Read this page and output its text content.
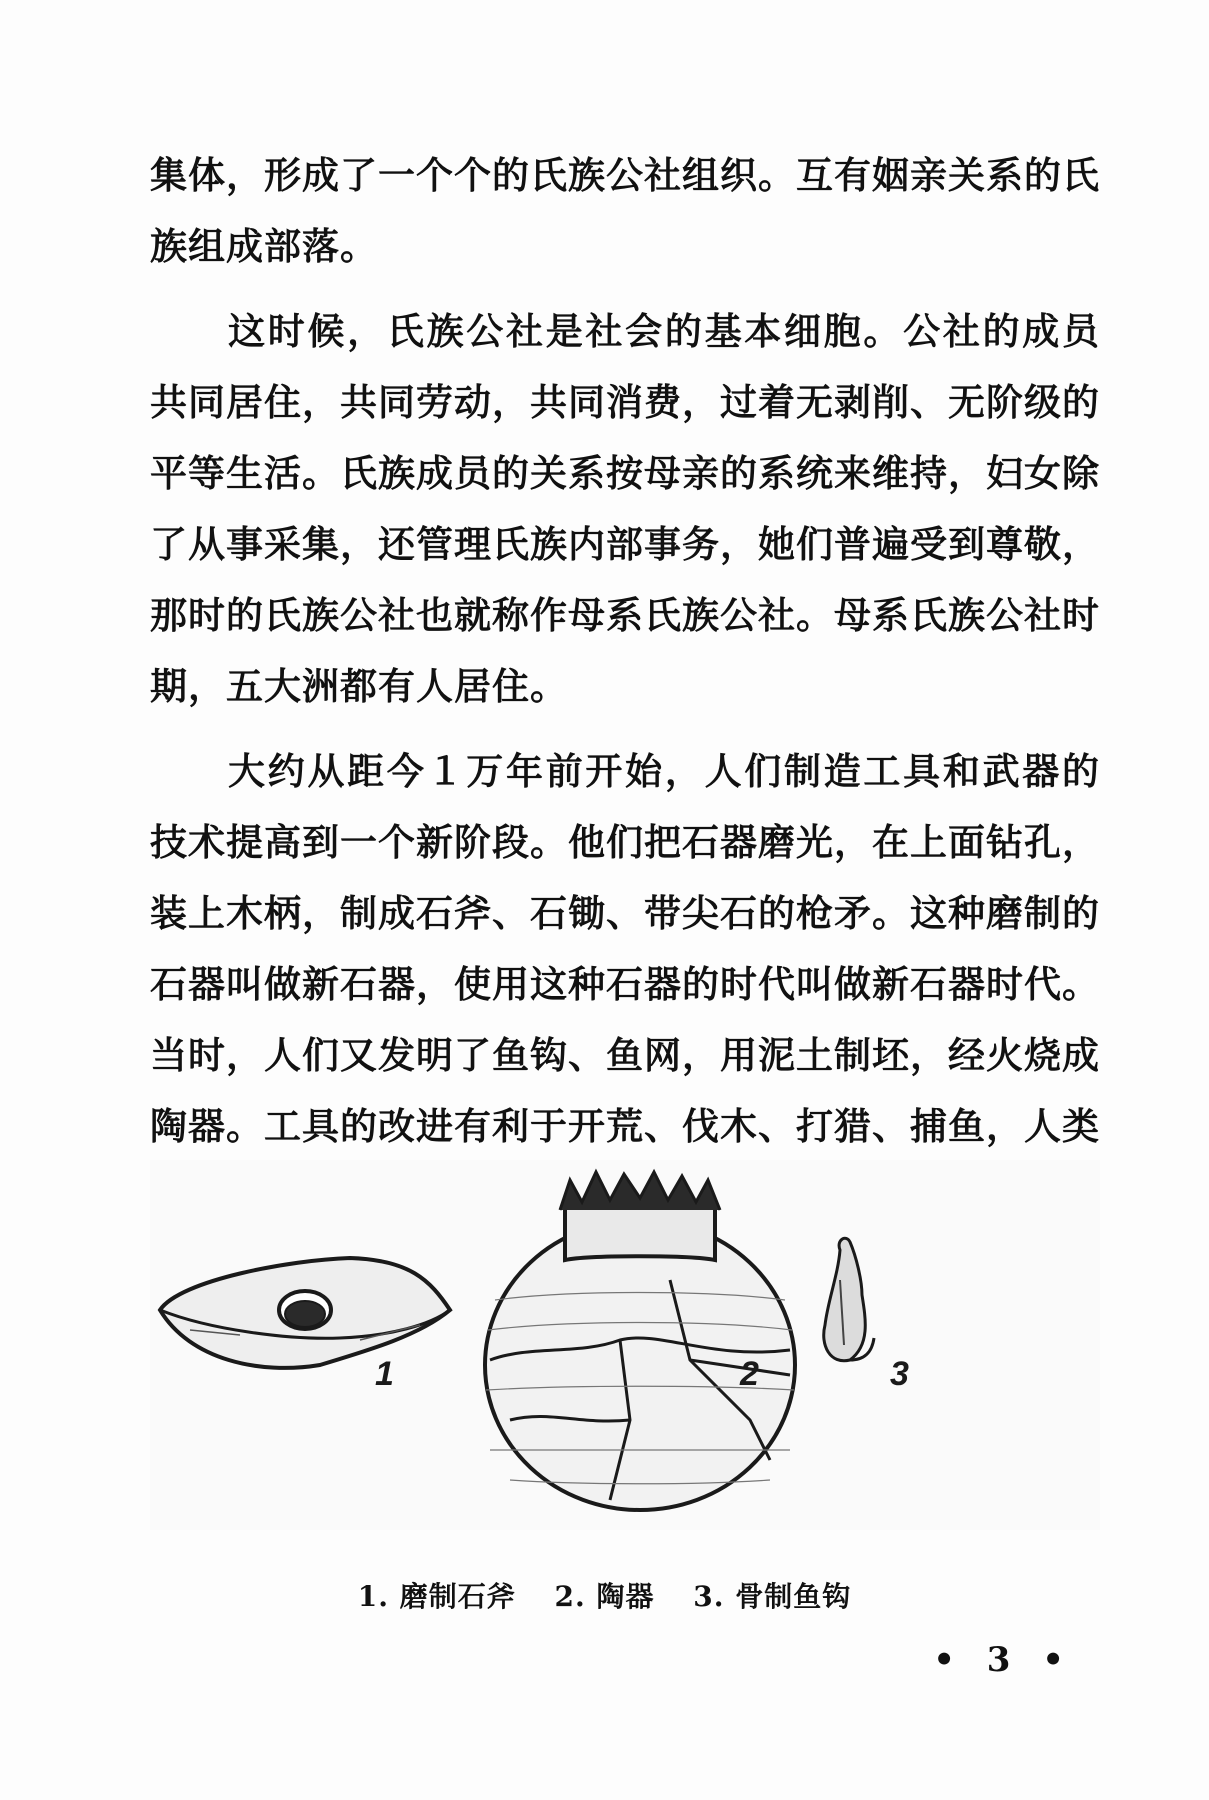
集体，形成了一个个的氏族公社组织。互有姻亲关系的氏族组成部落。

这时候，氏族公社是社会的基本细胞。公社的成员共同居住，共同劳动，共同消费，过着无剥削、无阶级的平等生活。氏族成员的关系按母亲的系统来维持，妇女除了从事采集，还管理氏族内部事务，她们普遍受到尊敬，那时的氏族公社也就称作母系氏族公社。母系氏族公社时期，五大洲都有人居住。

大约从距今１万年前开始，人们制造工具和武器的技术提高到一个新阶段。他们把石器磨光，在上面钻孔，装上木柄，制成石斧、石锄、带尖石的枪矛。这种磨制的石器叫做新石器，使用这种石器的时代叫做新石器时代。当时，人们又发明了鱼钩、鱼网，用泥土制坯，经火烧成陶器。工具的改进有利于开荒、伐木、打猎、捕鱼，人类

1	2	3
1. 磨制石斧 2. 陶器 3. 骨制鱼钩
• 3 •
